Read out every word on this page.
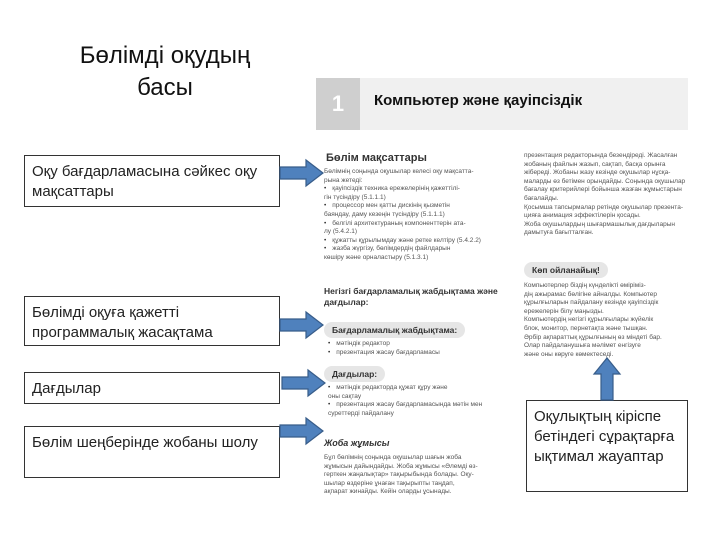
Бөлімді оқудың
басы
Оқу бағдарламасына сәйкес оқу мақсаттары
Бөлімді оқуға қажетті программалық жасақтама
Дағдылар
Бөлім шеңберінде жобаны шолу
Оқулықтың кіріспе бетіндегі сұрақтарға ықтимал жауаптар
1	Компьютер және қауіпсіздік
Бөлім мақсаттары
Бөлімнің соңында оқушылар келесі оқу мақсатта-
рына жетеді:
• қауіпсіздік техника ережелерінің қажеттілі-
гін түсіндіру (5.1.1.1)
• процессор мен қатты дискінің қызметін
баяндау, даму кезеңін түсіндіру (5.1.1.1)
• белгілі архитектураның компоненттерін ата-
лу (5.4.2.1)
• құжатты құрылымдау және ретке келтіру (5.4.2.2)
• жазба жүргізу, бөлімдердің файлдарын
көшіру және орналастыру (5.1.3.1)
презентация редакторында безендіреді. Жасалған
жобаның файлын жазып, сақтап, басқа орынға
жібереді. Жобаны жазу кезінде оқушылар нұсқа-
маларды өз бетімен орындайды. Соңында оқушылар
бағалау критерийлері бойынша жазған жұмыстарын
бағалайды.
Қосымша тапсырмалар ретінде оқушылар презента-
цияға анимация эффектілерін қосады.
Жоба оқушылардың шығармашылық дағдыларын
дамытуға бағытталған.
Көп ойланайық!
Компьютерлер біздің күнделікті өміріміз-
дің ажырамас бөлігіне айналды. Компьютер
құрылғыларын пайдалану кезінде қауіпсіздік
ережелерін білу маңызды.
Компьютердің негізгі құрылғылары жүйелік
блок, монитор, пернетақта және тышқан.
Әрбір ақпараттық құрылғының өз міндеті бар.
Олар пайдаланушыға мәлімет енгізуге
және оны көруге көмектеседі.
Негізгі бағдарламалық жабдықтама және дағдылар:
Бағдарламалық жабдықтама:
• мәтіндік редактор
• презентация жасау бағдарламасы
Дағдылар:
• мәтіндік редакторда құжат құру және
оны сақтау
• презентация жасау бағдарламасында мәтін мен
суреттерді пайдалану
Жоба жұмысы
Бұл бөлімнің соңында оқушылар шағын жоба
жұмысын дайындайды. Жоба жұмысы «Әлемді өз-
герткен жаңалықтар» тақырыбында болады. Оқу-
шылар өздеріне ұнаған тақырыпты таңдап,
ақпарат жинайды. Кейін оларды ұсынады.
